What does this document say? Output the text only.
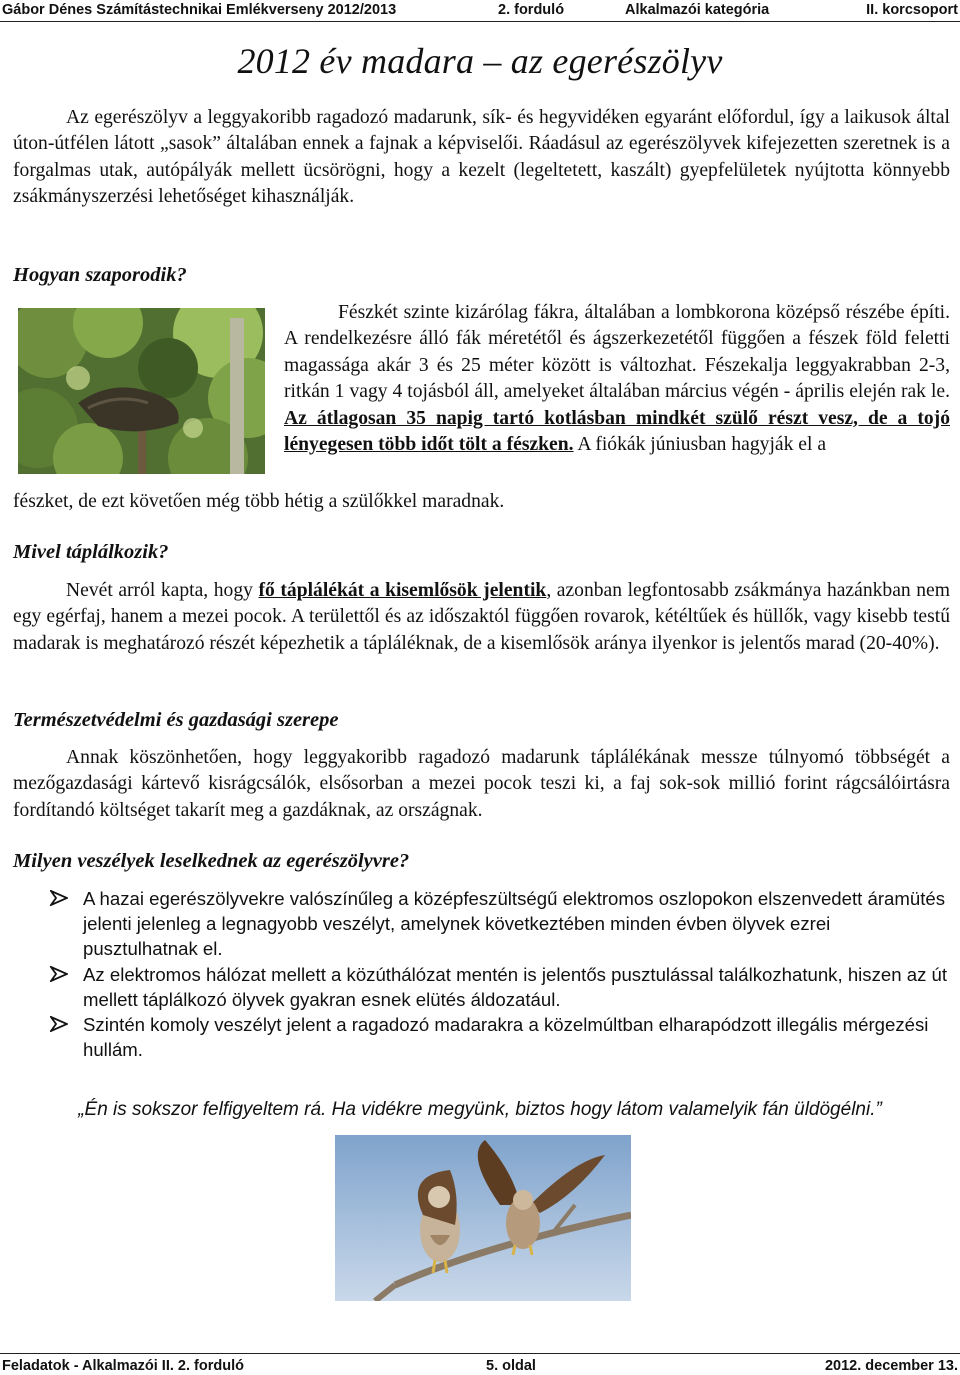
Gábor Dénes Számítástechnikai Emlékverseny 2012/2013	2. forduló	Alkalmazói kategória	II. korcsoport
2012 év madara – az egerészölyv

Az egerészölyv a leggyakoribb ragadozó madarunk, sík- és hegyvidéken egyaránt előfordul, így a laikusok által úton-útfélen látott „sasok” általában ennek a fajnak a képviselői. Ráadásul az egerészölyvek kifejezetten szeretnek is a forgalmas utak, autópályák mellett ücsörögni, hogy a kezelt (legeltetett, kaszált) gyepfelületek nyújtotta könnyebb zsákmányszerzési lehetőséget kihasználják.

Hogyan szaporodik?

Fészkét szinte kizárólag fákra, általában a lombkorona középső részébe építi. A rendelkezésre álló fák méretétől és ágszerkezetétől függően a fészek föld feletti magassága akár 3 és 25 méter között is változhat. Fészekalja leggyakrabban 2-3, ritkán 1 vagy 4 tojásból áll, amelyeket általában március végén - április elején rak le. Az átlagosan 35 napig tartó kotlásban mindkét szülő részt vesz, de a tojó lényegesen több időt tölt a fészken. A fiókák júniusban hagyják el a

fészket, de ezt követően még több hétig a szülőkkel maradnak.

Mivel táplálkozik?

Nevét arról kapta, hogy fő táplálékát a kisemlősök jelentik, azonban legfontosabb zsákmánya hazánkban nem egy egérfaj, hanem a mezei pocok. A területtől és az időszaktól függően rovarok, kétéltűek és hüllők, vagy kisebb testű madarak is meghatározó részét képezhetik a tápláléknak, de a kisemlősök aránya ilyenkor is jelentős marad (20-40%).

Természetvédelmi és gazdasági szerepe

Annak köszönhetően, hogy leggyakoribb ragadozó madarunk táplálékának messze túlnyomó többségét a mezőgazdasági kártevő kisrágcsálók, elsősorban a mezei pocok teszi ki, a faj sok-sok millió forint rágcsálóirtásra fordítandó költséget takarít meg a gazdáknak, az országnak.

Milyen veszélyek leselkednek az egerészölyvre?
A hazai egerészölyvekre valószínűleg a középfeszültségű elektromos oszlopokon elszenvedett áramütés jelenti jelenleg a legnagyobb veszélyt, amelynek következtében minden évben ölyvek ezrei pusztulhatnak el.
Az elektromos hálózat mellett a közúthálózat mentén is jelentős pusztulással találkozhatunk, hiszen az út mellett táplálkozó ölyvek gyakran esnek elütés áldozatául.
Szintén komoly veszélyt jelent a ragadozó madarakra a közelmúltban elharapódzott illegális mérgezési hullám.
„Én is sokszor felfigyeltem rá. Ha vidékre megyünk, biztos hogy látom valamelyik fán üldögélni.”
Feladatok - Alkalmazói II. 2. forduló	5. oldal	2012. december 13.
